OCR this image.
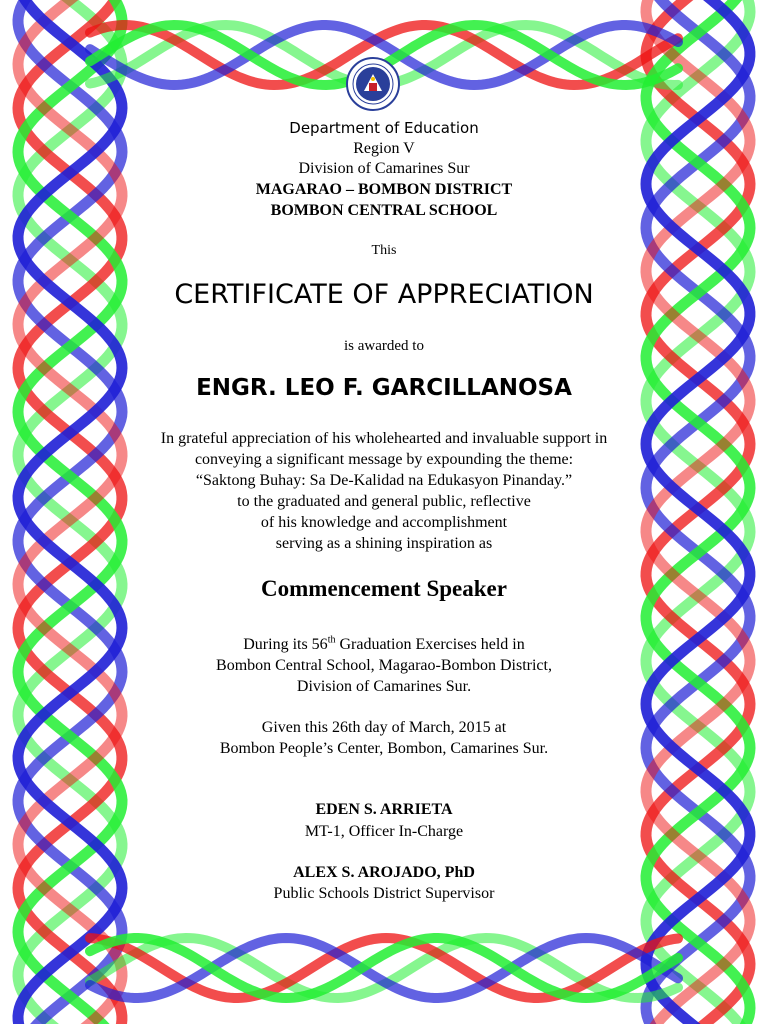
Department of Education
Region V
Division of Camarines Sur
MAGARAO – BOMBON DISTRICT
BOMBON CENTRAL SCHOOL
This
CERTIFICATE OF APPRECIATION
is awarded to
ENGR. LEO F. GARCILLANOSA
In grateful appreciation of his wholehearted and invaluable support in
conveying a significant message by expounding the theme:
“Saktong Buhay: Sa De-Kalidad na Edukasyon Pinanday.”
to the graduated and general public, reflective
of his knowledge and accomplishment
serving as a shining inspiration as
Commencement Speaker
During its 56th Graduation Exercises held in
Bombon Central School, Magarao-Bombon District,
Division of Camarines Sur.
Given this 26th day of March, 2015 at
Bombon People’s Center, Bombon, Camarines Sur.
EDEN S. ARRIETA
MT-1, Officer In-Charge
ALEX S. AROJADO, PhD
Public Schools District Supervisor
